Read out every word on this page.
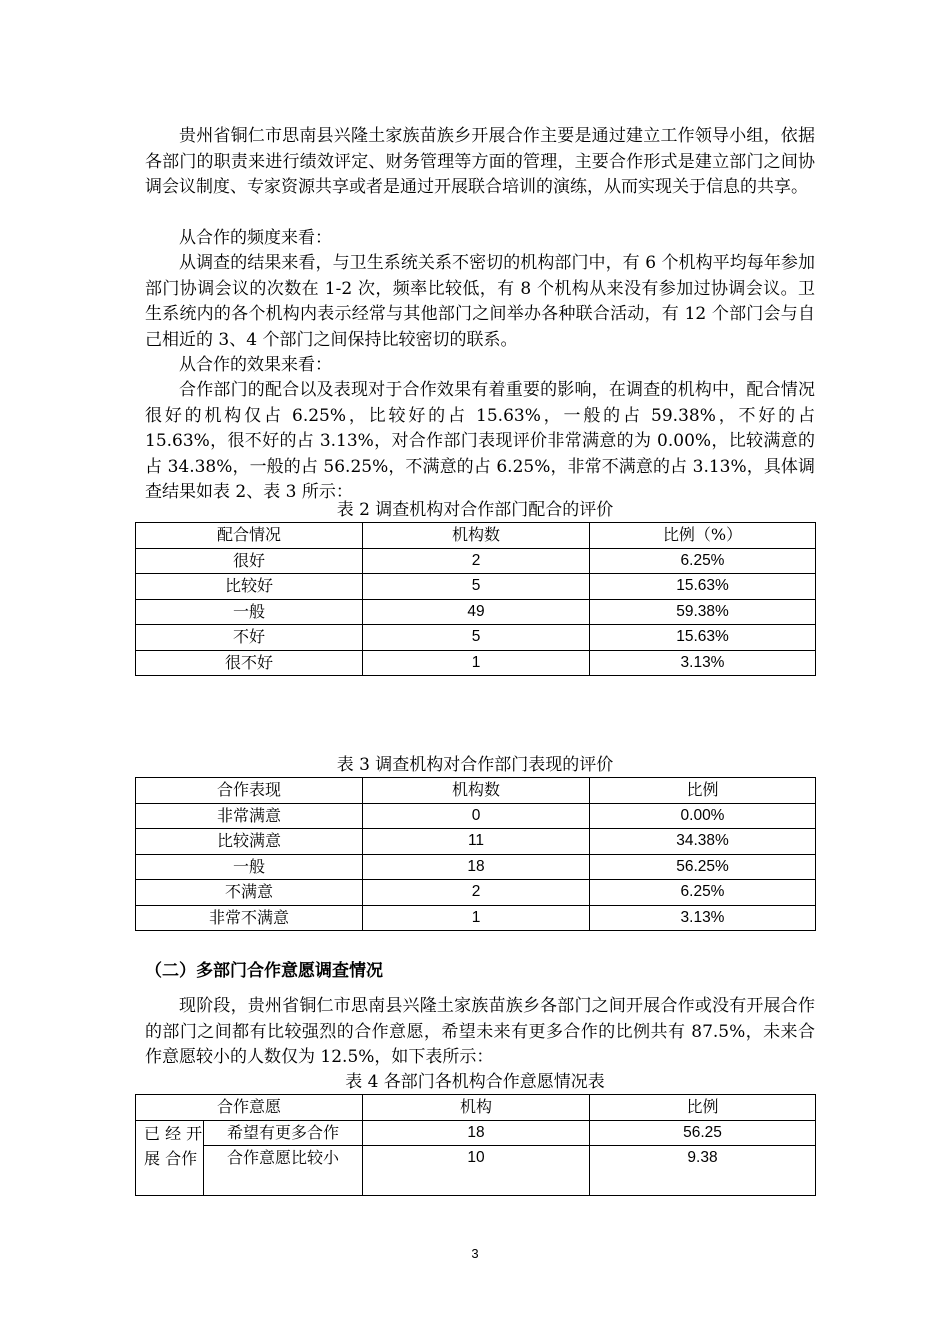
贵州省铜仁市思南县兴隆土家族苗族乡开展合作主要是通过建立工作领导小组，依据各部门的职责来进行绩效评定、财务管理等方面的管理，主要合作形式是建立部门之间协调会议制度、专家资源共享或者是通过开展联合培训的演练，从而实现关于信息的共享。

从合作的频度来看：

从调查的结果来看，与卫生系统关系不密切的机构部门中，有 6 个机构平均每年参加部门协调会议的次数在 1-2 次，频率比较低，有 8 个机构从来没有参加过协调会议。卫生系统内的各个机构内表示经常与其他部门之间举办各种联合活动，有 12 个部门会与自己相近的 3、4 个部门之间保持比较密切的联系。

从合作的效果来看：

合作部门的配合以及表现对于合作效果有着重要的影响，在调查的机构中，配合情况很好的机构仅占 6.25%，比较好的占 15.63%，一般的占 59.38%，不好的占 15.63%，很不好的占 3.13%，对合作部门表现评价非常满意的为 0.00%，比较满意的占 34.38%，一般的占 56.25%，不满意的占 6.25%，非常不满意的占 3.13%，具体调查结果如表 2、表 3 所示：

表 2 调查机构对合作部门配合的评价
配合情况	机构数	比例（%）
很好	2	6.25%
比较好	5	15.63%
一般	49	59.38%
不好	5	15.63%
很不好	1	3.13%
表 3 调查机构对合作部门表现的评价
合作表现	机构数	比例
非常满意	0	0.00%
比较满意	11	34.38%
一般	18	56.25%
不满意	2	6.25%
非常不满意	1	3.13%
（二）多部门合作意愿调查情况

现阶段，贵州省铜仁市思南县兴隆土家族苗族乡各部门之间开展合作或没有开展合作的部门之间都有比较强烈的合作意愿，希望未来有更多合作的比例共有 87.5%，未来合作意愿较小的人数仅为 12.5%，如下表所示：

表 4 各部门各机构合作意愿情况表
合作意愿		机构	比例
已 经 开 展 合作	希望有更多合作	18	56.25
	合作意愿比较小	10	9.38
3
